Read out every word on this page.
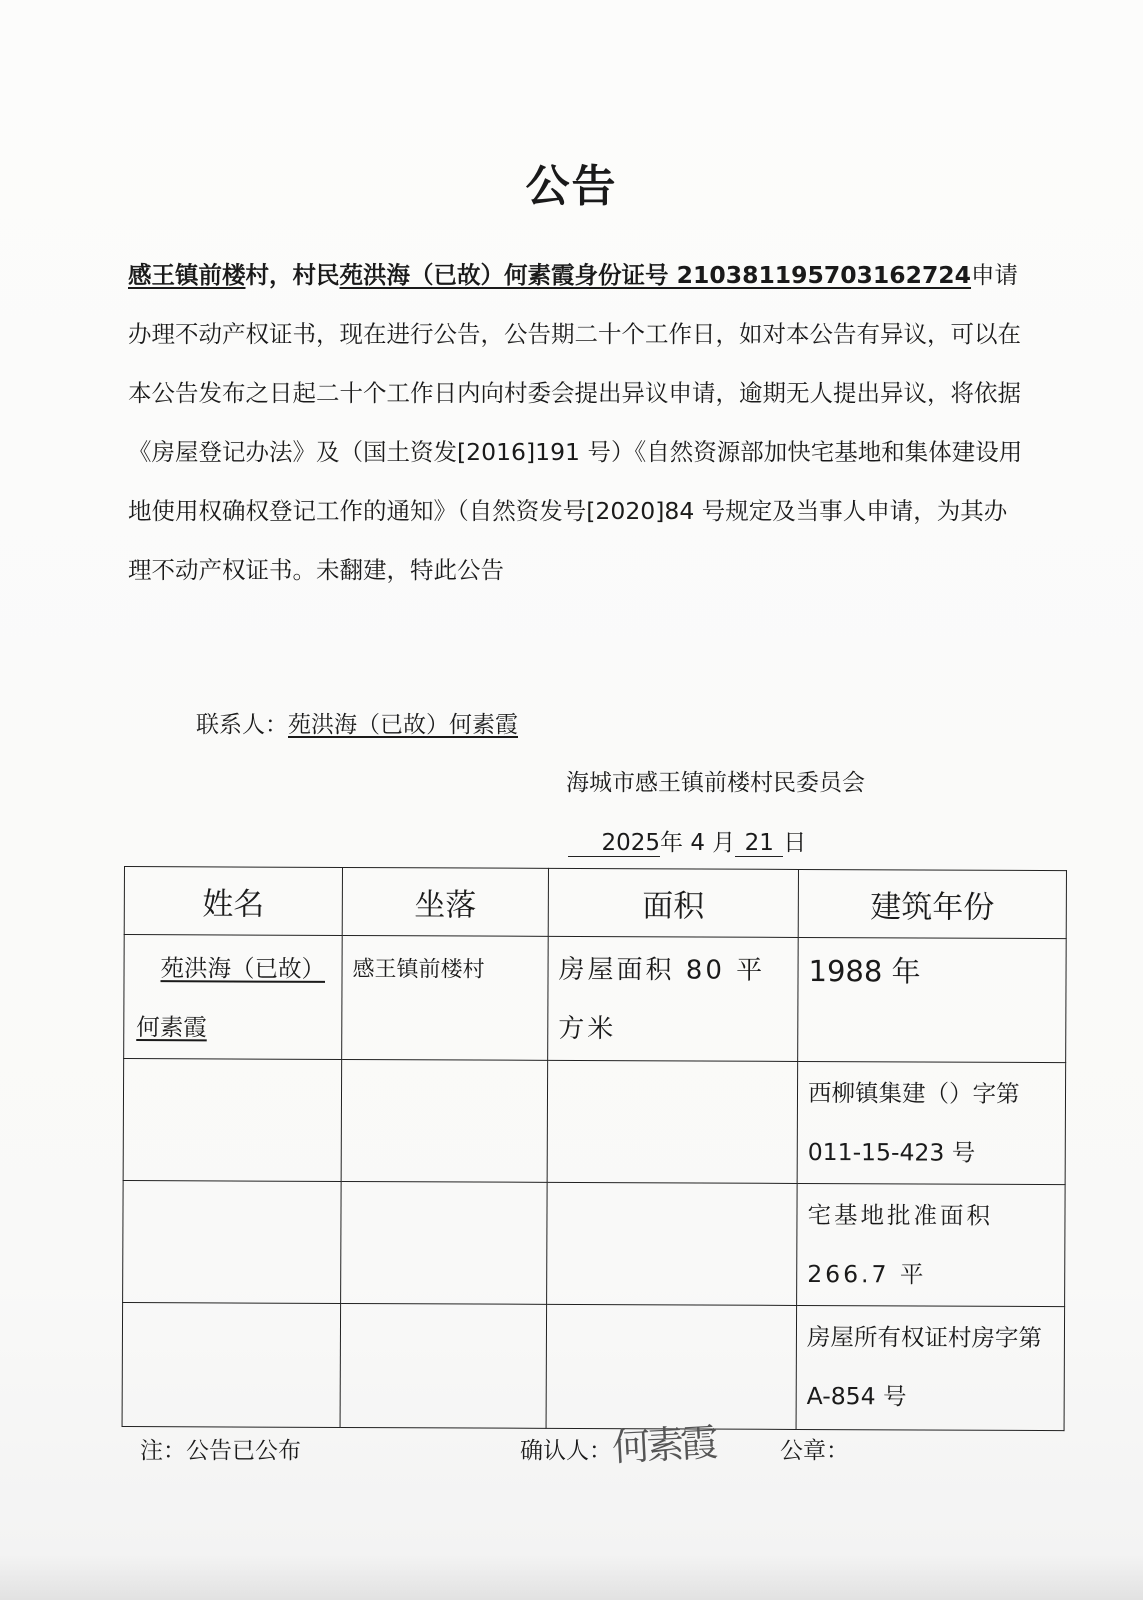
公告

感王镇前楼村，村民苑洪海（已故）何素霞身份证号 210381195703162724申请办理不动产权证书，现在进行公告，公告期二十个工作日，如对本公告有异议，可以在本公告发布之日起二十个工作日内向村委会提出异议申请，逾期无人提出异议，将依据《房屋登记办法》及（国土资发[2016]191 号）《自然资源部加快宅基地和集体建设用地使用权确权登记工作的通知》（自然资发号[2020]84 号规定及当事人申请，为其办理不动产权证书。未翻建，特此公告

联系人：苑洪海（已故）何素霞
海城市感王镇前楼村民委员会
2025年 4 月 21 日
姓名	坐落	面积	建筑年份
苑洪海（已故）何素霞	感王镇前楼村	房屋面积 80 平方米	1988 年
			西柳镇集建（）字第 011-15-423 号
			宅基地批准面积 266.7 平
			房屋所有权证村房字第 A-854 号
注：公告已公布	确认人： 何素霞	公章：
